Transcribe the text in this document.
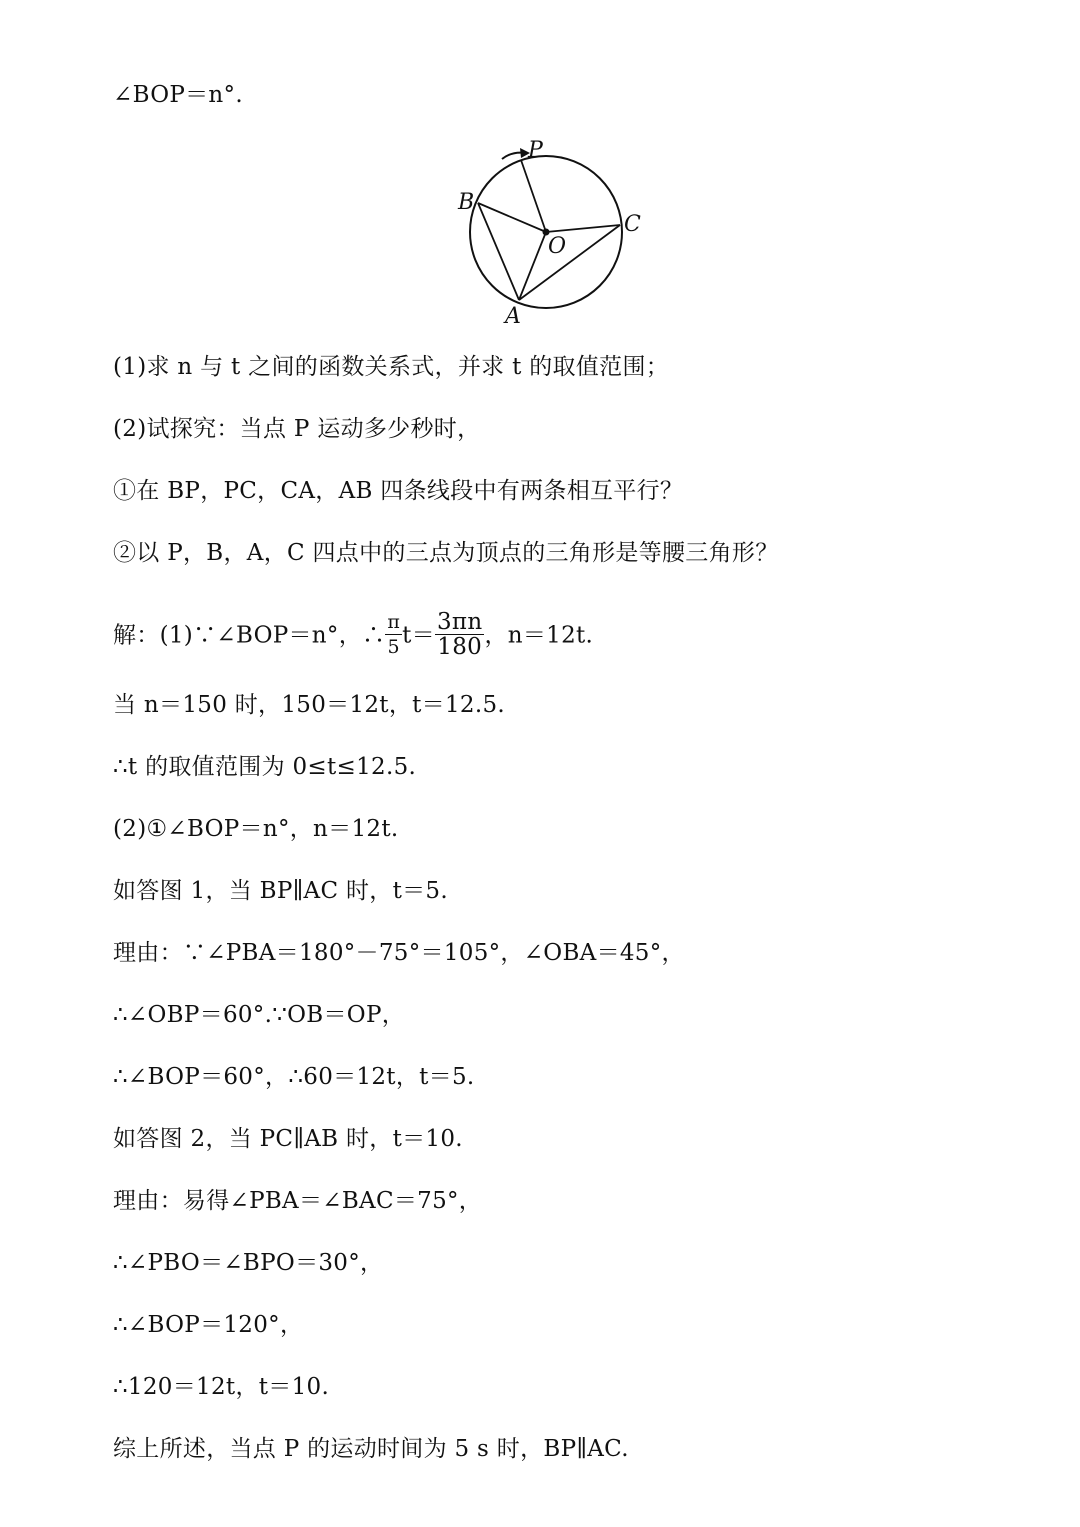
∠BOP＝n°.
P
B
C
O
A
(1)求 n 与 t 之间的函数关系式，并求 t 的取值范围；
(2)试探究：当点 P 运动多少秒时，
①在 BP，PC，CA，AB 四条线段中有两条相互平行？
②以 P，B，A，C 四点中的三点为顶点的三角形是等腰三角形？
解：(1)∵∠BOP＝n°，∴ $\frac{\pi}{5} t= \frac{3\pi n}{180}$ ，n＝12t.
当 n＝150 时，150＝12t，t＝12.5.
∴t 的取值范围为 0≤t≤12.5.
(2)①∠BOP＝n°，n＝12t.
如答图 1，当 BP∥AC 时，t＝5.
理由：∵∠PBA＝180°－75°＝105°，∠OBA＝45°，
∴∠OBP＝60°.∵OB＝OP，
∴∠BOP＝60°，∴60＝12t，t＝5.
如答图 2，当 PC∥AB 时，t＝10.
理由：易得∠PBA＝∠BAC＝75°，
∴∠PBO＝∠BPO＝30°，
∴∠BOP＝120°，
∴120＝12t，t＝10.
综上所述，当点 P 的运动时间为 5 s 时，BP∥AC.
